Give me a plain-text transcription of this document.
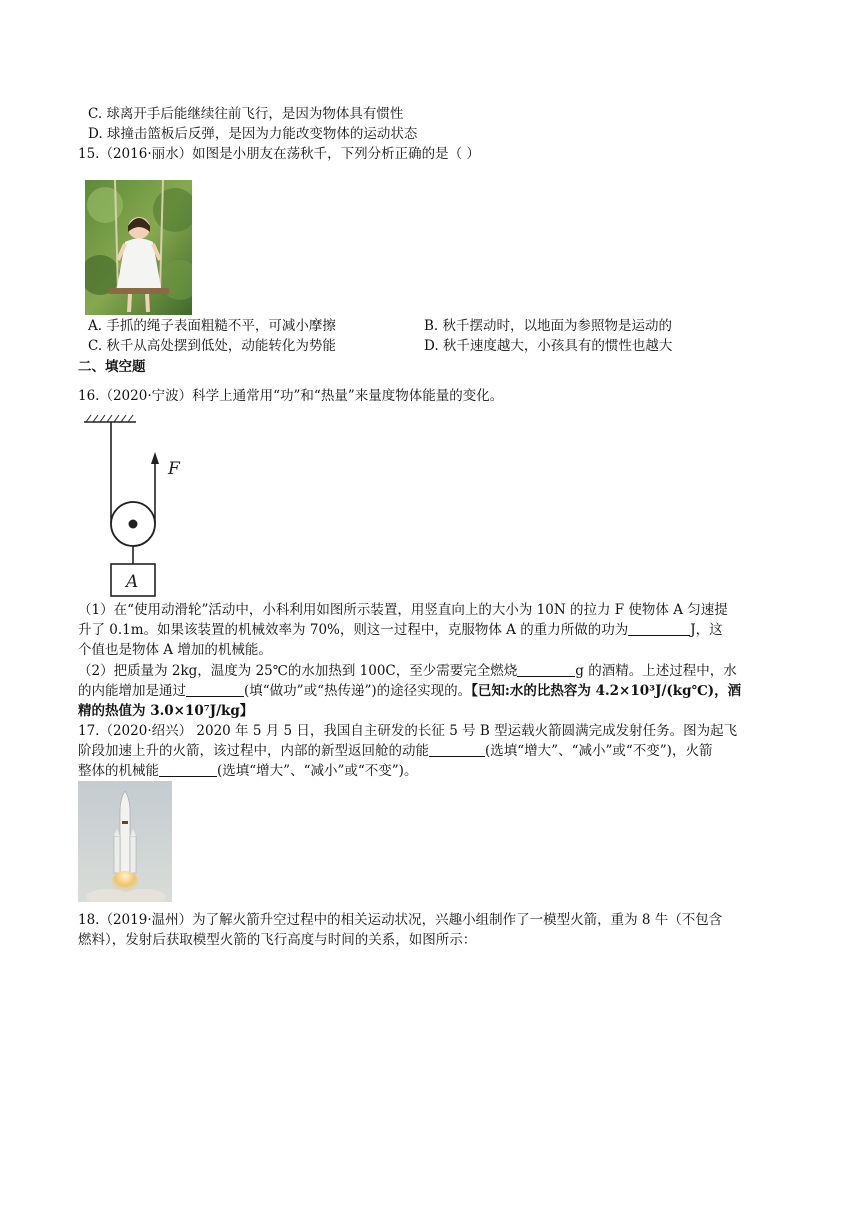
C. 球离开手后能继续往前飞行，是因为物体具有惯性
D. 球撞击篮板后反弹，是因为力能改变物体的运动状态
15.（2016·丽水）如图是小朋友在荡秋千，下列分析正确的是（ ）
A. 手抓的绳子表面粗糙不平，可减小摩擦	B. 秋千摆动时，以地面为参照物是运动的
C. 秋千从高处摆到低处，动能转化为势能	D. 秋千速度越大，小孩具有的惯性也越大
二、填空题
16.（2020·宁波）科学上通常用“功”和“热量”来量度物体能量的变化。
F
A
（1）在“使用动滑轮”活动中，小科利用如图所示装置，用竖直向上的大小为 10N 的拉力 F 使物体 A 匀速提
升了 0.1m。如果该装置的机械效率为 70%，则这一过程中，克服物体 A 的重力所做的功为	J，这
个值也是物体 A 增加的机械能。
（2）把质量为 2kg，温度为 25℃的水加热到 100C，至少需要完全燃烧	g 的酒精。上述过程中，水
的内能增加是通过	(填“做功”或“热传递”)的途径实现的。【已知:水的比热容为 4.2×10³J/(kg℃)，酒
精的热值为 3.0×10⁷J/kg】
17.（2020·绍兴） 2020 年 5 月 5 日，我国自主研发的长征 5 号 B 型运载火箭圆满完成发射任务。图为起飞
阶段加速上升的火箭，该过程中，内部的新型返回舱的动能	(选填“增大”、“减小”或“不变”)，火箭
整体的机械能	(选填“增大”、“减小”或“不变”)。
18.（2019·温州）为了解火箭升空过程中的相关运动状况，兴趣小组制作了一模型火箭，重为 8 牛（不包含
燃料），发射后获取模型火箭的飞行高度与时间的关系，如图所示：
